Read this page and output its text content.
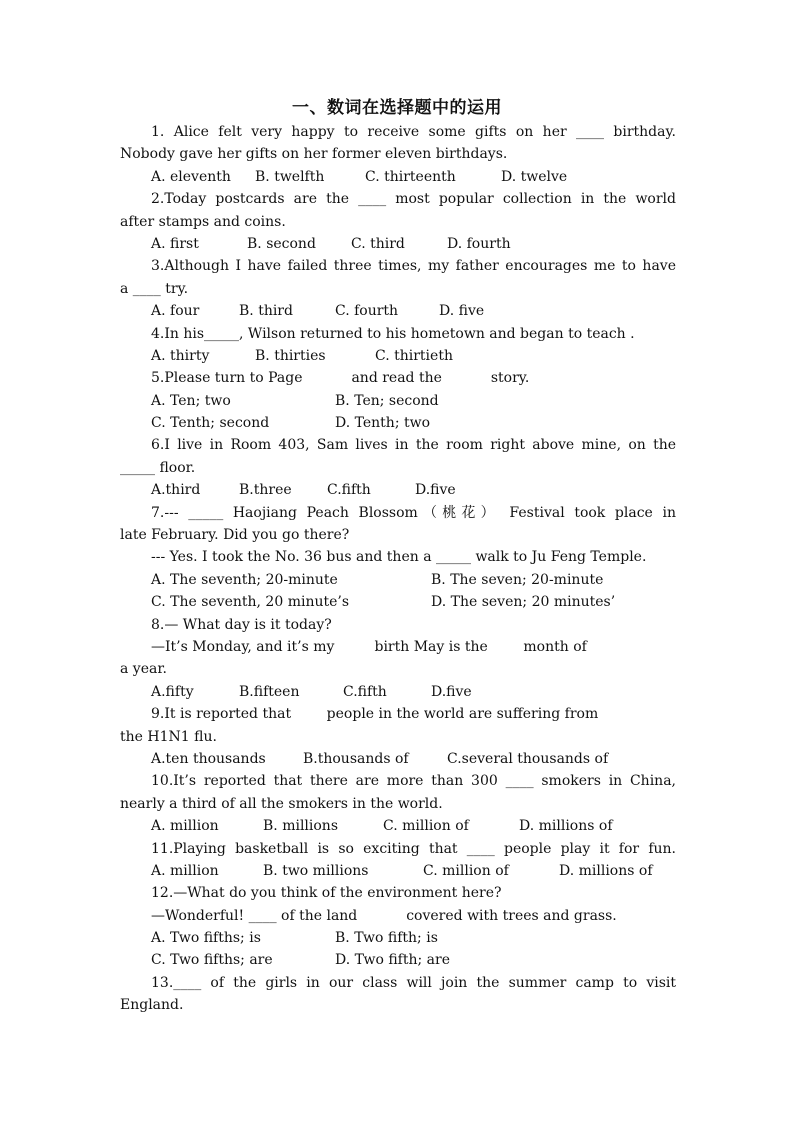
一、数词在选择题中的运用
1. Alice felt very happy to receive some gifts on her ____ birthday.
Nobody gave her gifts on her former eleven birthdays.
A. eleventh	B. twelfth	C. thirteenth	D. twelve
2.Today postcards are the ____ most popular collection in the world
after stamps and coins.
A. first	B. second	C. third	D. fourth
3.Although I have failed three times, my father encourages me to have
a ____ try.
A. four	B. third	C. fourth	D. five
4.In his_____, Wilson returned to his hometown and began to teach .
A. thirty	B. thirties	C. thirtieth
5.Please turn to Page           and read the           story.
A. Ten; two	B. Ten; second
C. Tenth; second	D. Tenth; two
6.I live in Room 403, Sam lives in the room right above mine, on the
_____ floor.
A.third	B.three	C.fifth	D.five
7.--- _____ Haojiang Peach Blossom（桃花） Festival took place in
late February. Did you go there?
--- Yes. I took the No. 36 bus and then a _____ walk to Ju Feng Temple.
A. The seventh; 20-minute	B. The seven; 20-minute
C. The seventh, 20 minute’s	D. The seven; 20 minutes’
8.— What day is it today?
—It’s Monday, and it’s my         birth May is the        month of
a year.
A.fifty	B.fifteen	C.fifth	D.five
9.It is reported that        people in the world are suffering from
the H1N1 flu.
A.ten thousands	B.thousands of	C.several thousands of
10.It’s reported that there are more than 300 ____ smokers in China,
nearly a third of all the smokers in the world.
A. million	B. millions	C. million of	D. millions of
11.Playing basketball is so exciting that ____ people play it for fun.
A. million	B. two millions	C. million of	D. millions of
12.—What do you think of the environment here?
—Wonderful! ____ of the land           covered with trees and grass.
A. Two fifths; is	B. Two fifth; is
C. Two fifths; are	D. Two fifth; are
13.____ of the girls in our class will join the summer camp to visit
England.
